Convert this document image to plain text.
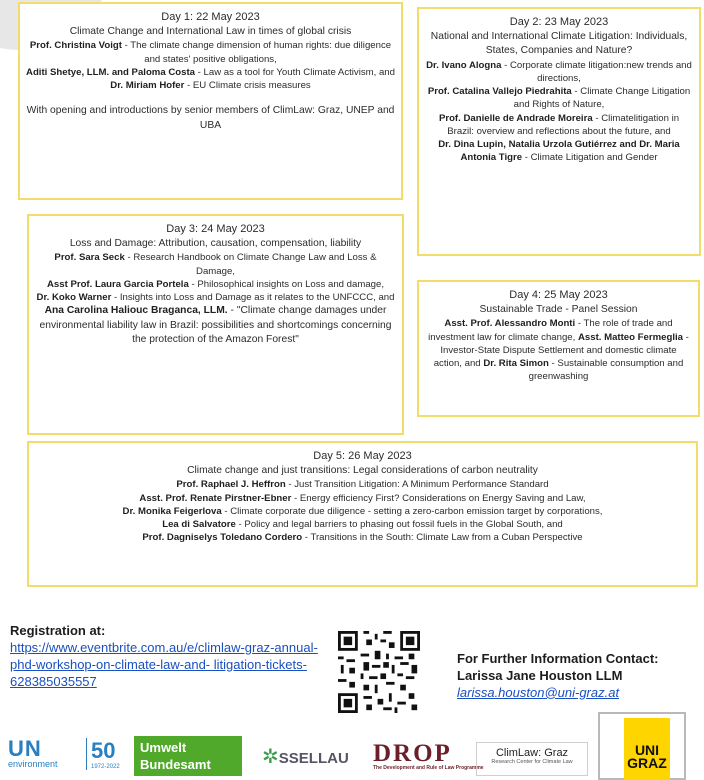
Day 1: 22 May 2023

Climate Change and International Law in times of global crisis

Prof. Christina Voigt - The climate change dimension of human rights: due diligence and states' positive obligations,

Aditi Shetye, LLM. and Paloma Costa - Law as a tool for Youth Climate Activism, and

Dr. Miriam Hofer - EU Climate crisis measures

With opening and introductions by senior members of ClimLaw: Graz, UNEP and UBA

Day 2: 23 May 2023

National and International Climate Litigation: Individuals, States, Companies and Nature?

Dr. Ivano Alogna - Corporate climate litigation:new trends and directions,

Prof. Catalina Vallejo Piedrahita - Climate Change Litigation and Rights of Nature,

Prof. Danielle de Andrade Moreira - Climatelitigation in Brazil: overview and reflections about the future, and

Dr. Dina Lupin, Natalia Urzola Gutiérrez and Dr. Maria Antonia Tigre - Climate Litigation and Gender

Day 3: 24 May 2023

Loss and Damage: Attribution, causation, compensation, liability

Prof. Sara Seck - Research Handbook on Climate Change Law and Loss & Damage,

Asst Prof. Laura Garcia Portela - Philosophical insights on Loss and damage,

Dr. Koko Warner - Insights into Loss and Damage as it relates to the UNFCCC, and

Ana Carolina Haliouc Braganca, LLM. - "Climate change damages under environmental liability law in Brazil: possibilities and shortcomings concerning the protection of the Amazon Forest"

Day 4: 25 May 2023

Sustainable Trade - Panel Session

Asst. Prof. Alessandro Monti - The role of trade and investment law for climate change, Asst. Matteo Fermeglia - Investor-State Dispute Settlement and domestic climate action, and Dr. Rita Simon - Sustainable consumption and greenwashing

Day 5: 26 May 2023

Climate change and just transitions: Legal considerations of carbon neutrality

Prof. Raphael J. Heffron - Just Transition Litigation: A Minimum Performance Standard

Asst. Prof. Renate Pirstner-Ebner - Energy efficiency First? Considerations on Energy Saving and Law,

Dr. Monika Feigerlova - Climate corporate due diligence - setting a zero-carbon emission target by corporations,

Lea di Salvatore - Policy and legal barriers to phasing out fossil fuels in the Global South, and

Prof. Dagniselys Toledano Cordero - Transitions in the South: Climate Law from a Cuban Perspective

Registration at:
https://www.eventbrite.com.au/e/climlaw-graz-annual-phd-workshop-on-climate-law-and- litigation-tickets-628385035557
For Further Information Contact:
Larissa Jane Houston LLM
larissa.houston@uni-graz.at
UN
environment
50
1972-2022
Umwelt Bundesamt	✲SSELLAU DROP
The Development and Rule of Law Programme
ClimLaw: Graz
Research Center for Climate Law
UNI GRAZ
